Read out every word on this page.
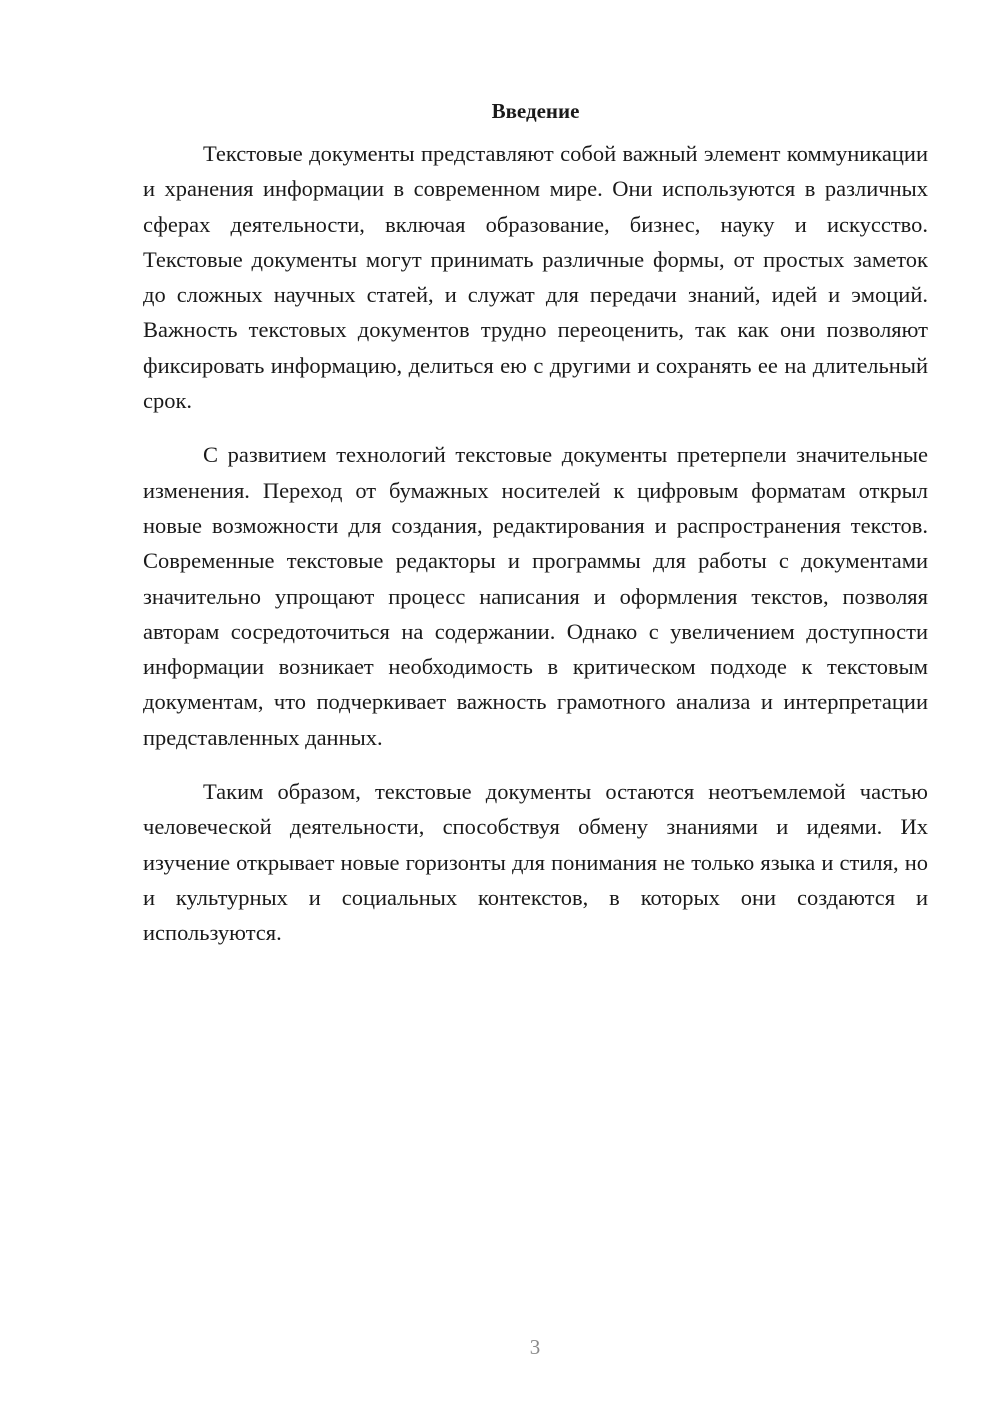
Введение

Текстовые документы представляют собой важный элемент коммуникации и хранения информации в современном мире. Они используются в различных сферах деятельности, включая образование, бизнес, науку и искусство. Текстовые документы могут принимать различные формы, от простых заметок до сложных научных статей, и служат для передачи знаний, идей и эмоций. Важность текстовых документов трудно переоценить, так как они позволяют фиксировать информацию, делиться ею с другими и сохранять ее на длительный срок.

С развитием технологий текстовые документы претерпели значительные изменения. Переход от бумажных носителей к цифровым форматам открыл новые возможности для создания, редактирования и распространения текстов. Современные текстовые редакторы и программы для работы с документами значительно упрощают процесс написания и оформления текстов, позволяя авторам сосредоточиться на содержании. Однако с увеличением доступности информации возникает необходимость в критическом подходе к текстовым документам, что подчеркивает важность грамотного анализа и интерпретации представленных данных.

Таким образом, текстовые документы остаются неотъемлемой частью человеческой деятельности, способствуя обмену знаниями и идеями. Их изучение открывает новые горизонты для понимания не только языка и стиля, но и культурных и социальных контекстов, в которых они создаются и используются.

3
